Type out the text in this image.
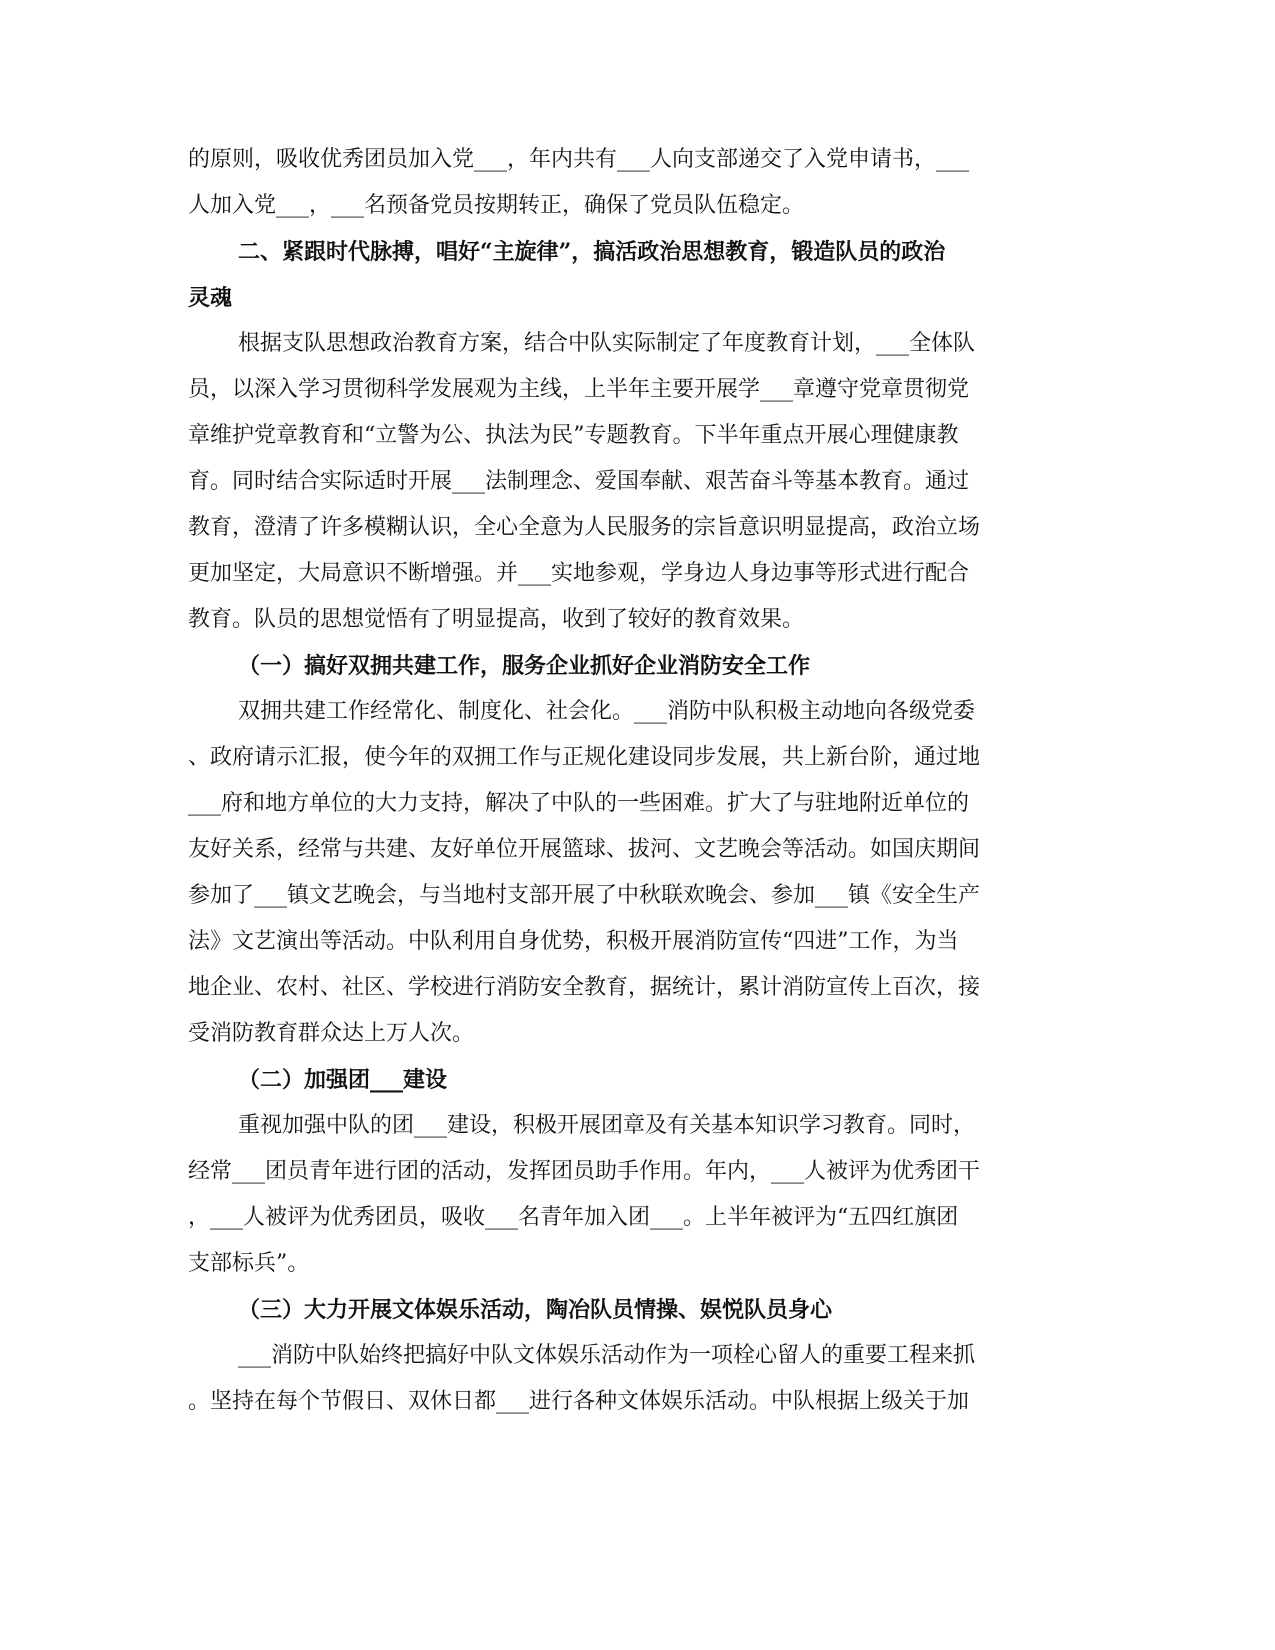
的原则，吸收优秀团员加入党___，年内共有___人向支部递交了入党申请书，___
人加入党___，___名预备党员按期转正，确保了党员队伍稳定。
二、紧跟时代脉搏，唱好“主旋律”，搞活政治思想教育，锻造队员的政治
灵魂
根据支队思想政治教育方案，结合中队实际制定了年度教育计划，___全体队
员，以深入学习贯彻科学发展观为主线，上半年主要开展学___章遵守党章贯彻党
章维护党章教育和“立警为公、执法为民”专题教育。下半年重点开展心理健康教
育。同时结合实际适时开展___法制理念、爱国奉献、艰苦奋斗等基本教育。通过
教育，澄清了许多模糊认识，全心全意为人民服务的宗旨意识明显提高，政治立场
更加坚定，大局意识不断增强。并___实地参观，学身边人身边事等形式进行配合
教育。队员的思想觉悟有了明显提高，收到了较好的教育效果。
（一）搞好双拥共建工作，服务企业抓好企业消防安全工作
双拥共建工作经常化、制度化、社会化。___消防中队积极主动地向各级党委
、政府请示汇报，使今年的双拥工作与正规化建设同步发展，共上新台阶，通过地
___府和地方单位的大力支持，解决了中队的一些困难。扩大了与驻地附近单位的
友好关系，经常与共建、友好单位开展篮球、拔河、文艺晚会等活动。如国庆期间
参加了___镇文艺晚会，与当地村支部开展了中秋联欢晚会、参加___镇《安全生产
法》文艺演出等活动。中队利用自身优势，积极开展消防宣传“四进”工作，为当
地企业、农村、社区、学校进行消防安全教育，据统计，累计消防宣传上百次，接
受消防教育群众达上万人次。
（二）加强团___建设
重视加强中队的团___建设，积极开展团章及有关基本知识学习教育。同时，
经常___团员青年进行团的活动，发挥团员助手作用。年内，___人被评为优秀团干
，___人被评为优秀团员，吸收___名青年加入团___。上半年被评为“五四红旗团
支部标兵”。
（三）大力开展文体娱乐活动，陶冶队员情操、娱悦队员身心
___消防中队始终把搞好中队文体娱乐活动作为一项栓心留人的重要工程来抓
。坚持在每个节假日、双休日都___进行各种文体娱乐活动。中队根据上级关于加
